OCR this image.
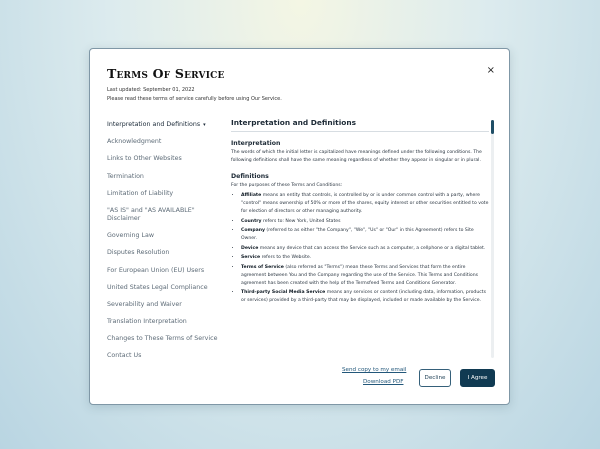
Terms Of Service	×
Last updated: September 01, 2022
Please read these terms of service carefully before using Our Service.
Interpretation and Definitions ▾
Acknowledgment
Links to Other Websites
Termination
Limitation of Liability
"AS IS" and "AS AVAILABLE" Disclaimer
Governing Law
Disputes Resolution
For European Union (EU) Users
United States Legal Compliance
Severability and Waiver
Translation Interpretation
Changes to These Terms of Service
Contact Us
Interpretation and Definitions
Interpretation

The words of which the initial letter is capitalized have meanings defined under the following conditions. The following definitions shall have the same meaning regardless of whether they appear in singular or in plural.

Definitions

For the purposes of these Terms and Conditions:

• Affiliate means an entity that controls, is controlled by or is under common control with a party, where "control" means ownership of 50% or more of the shares, equity interest or other securities entitled to vote for election of directors or other managing authority.
• Country refers to: New York, United States
• Company (referred to as either "the Company", "We", "Us" or "Our" in this Agreement) refers to Site Owner.
• Device means any device that can access the Service such as a computer, a cellphone or a digital tablet.
• Service refers to the Website.
• Terms of Service (also referred as "Terms") mean these Terms and Services that form the entire agreement between You and the Company regarding the use of the Service. This Terms and Conditions agreement has been created with the help of the Termsfeed Terms and Conditions Generator.
• Third-party Social Media Service means any services or content (including data, information, products or services) provided by a third-party that may be displayed, included or made available by the Service.
Send copy to my email
Download PDF
Decline	I Agree
